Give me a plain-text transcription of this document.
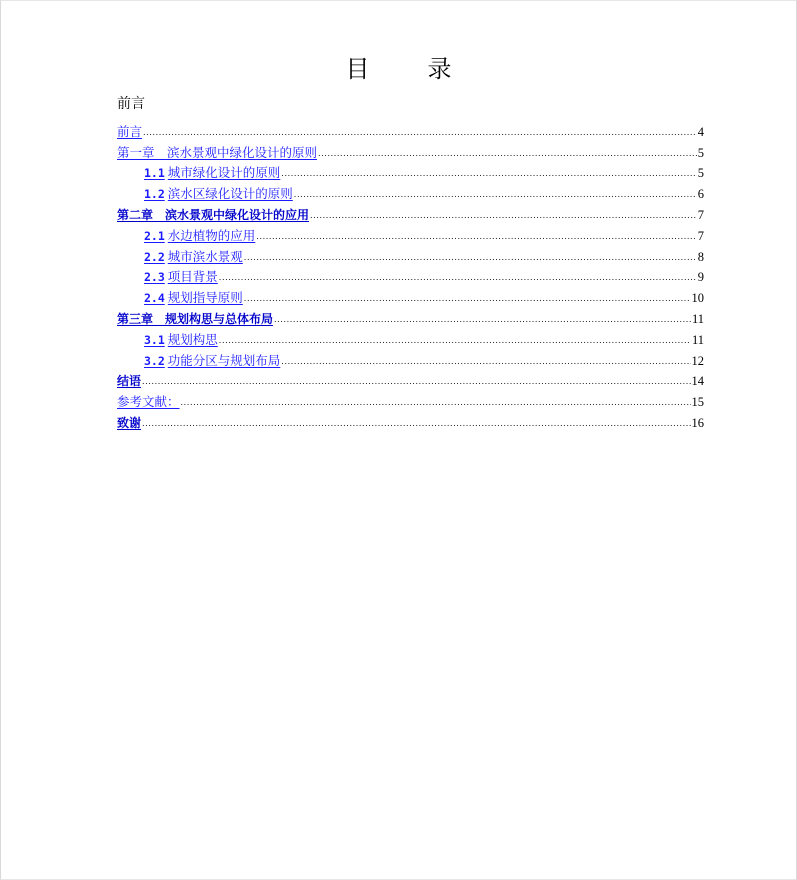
目 录
前言
前言 .....	4
第一章　滨水景观中绿化设计的原则 .....	5
1.1 城市绿化设计的原则 .....	5
1.2 滨水区绿化设计的原则 .....	6
第二章　滨水景观中绿化设计的应用 .....	7
2.1 水边植物的应用 .....	7
2.2 城市滨水景观 .....	8
2.3 项目背景 .....	9
2.4 规划指导原则 .....	10
第三章　规划构思与总体布局 .....	11
3.1 规划构思 .....	11
3.2 功能分区与规划布局 .....	12
结语 .....	14
参考文献： .....	15
致谢 .....	16
